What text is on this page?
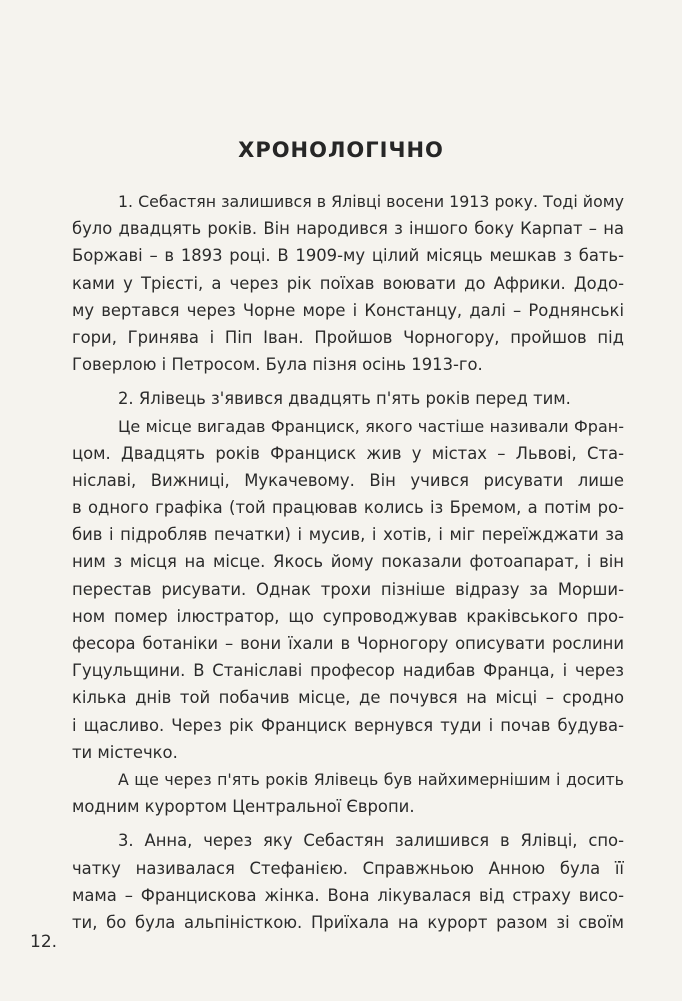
ХРОНОЛОГІЧНО
1. Себастян залишився в Ялівці восени 1913 року. Тоді йому
було двадцять років. Він народився з іншого боку Карпат – на
Боржаві – в 1893 році. В 1909-му цілий місяць мешкав з бать-
ками у Трієсті, а через рік поїхав воювати до Африки. Додо-
му вертався через Чорне море і Констанцу, далі – Роднянські
гори, Гринява і Піп Іван. Пройшов Чорногору, пройшов під
Говерлою і Петросом. Була пізня осінь 1913-го.
2. Ялівець з'явився двадцять п'ять років перед тим.
Це місце вигадав Франциск, якого частіше називали Фран-
цом. Двадцять років Франциск жив у містах – Львові, Ста-
ніславі, Вижниці, Мукачевому. Він учився рисувати лише
в одного графіка (той працював колись із Бремом, а потім ро-
бив і підробляв печатки) і мусив, і хотів, і міг переїжджати за
ним з місця на місце. Якось йому показали фотоапарат, і він
перестав рисувати. Однак трохи пізніше відразу за Морши-
ном помер ілюстратор, що супроводжував краківського про-
фесора ботаніки – вони їхали в Чорногору описувати рослини
Гуцульщини. В Станіславі професор надибав Франца, і через
кілька днів той побачив місце, де почувся на місці – сродно
і щасливо. Через рік Франциск вернувся туди і почав будува-
ти містечко.
А ще через п'ять років Ялівець був найхимернішим і досить
модним курортом Центральної Європи.
3. Анна, через яку Себастян залишився в Ялівці, спо-
чатку називалася Стефанією. Справжньою Анною була її
мама – Францискова жінка. Вона лікувалася від страху висо-
ти, бо була альпіністкою. Приїхала на курорт разом зі своїм
12.
